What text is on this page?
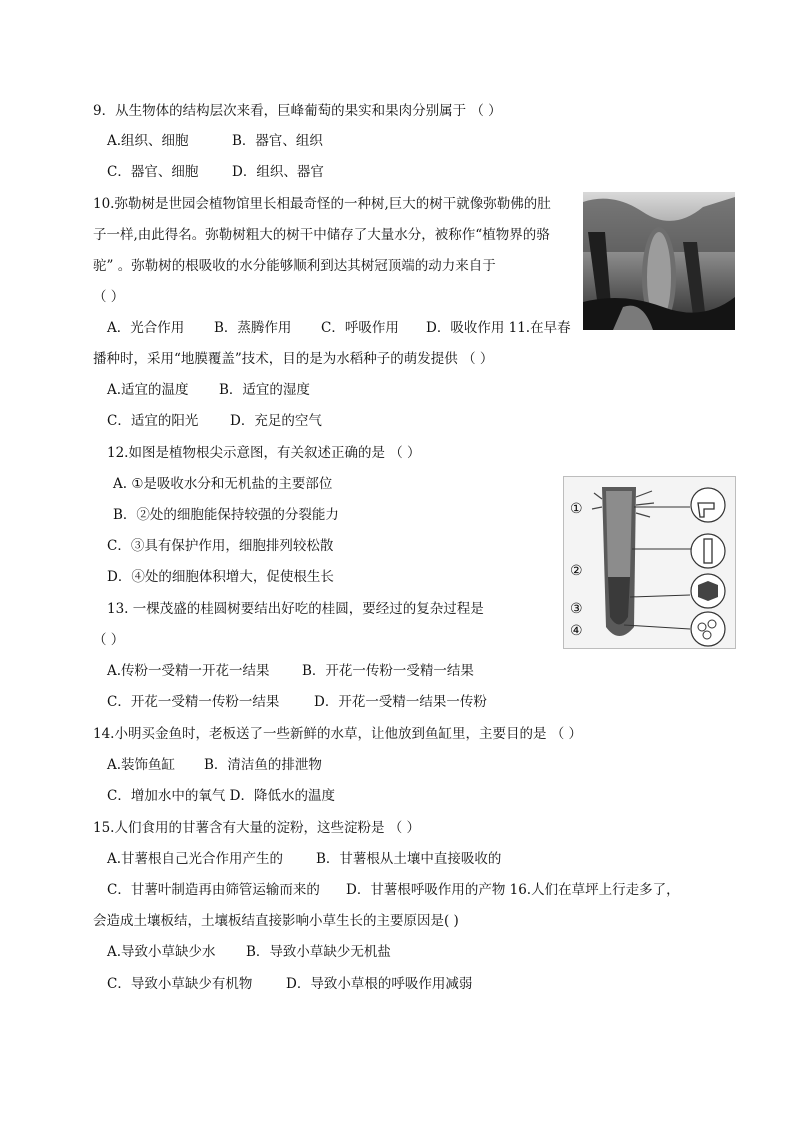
9．从生物体的结构层次来看，巨峰葡萄的果实和果肉分别属于 （ ）
A.组织、细胞	B．器官、组织
C．器官、细胞 D．组织、器官
10.弥勒树是世园会植物馆里长相最奇怪的一种树,巨大的树干就像弥勒佛的肚
子一样,由此得名。弥勒树粗大的树干中储存了大量水分，被称作“植物界的骆
驼” 。弥勒树的根吸收的水分能够顺利到达其树冠顶端的动力来自于
（ ）
A．光合作用 B．蒸腾作用 C．呼吸作用 D．吸收作用 11.在早春
播种时，采用“地膜覆盖”技术，目的是为水稻种子的萌发提供 （ ）
A.适宜的温度 B．适宜的湿度
C．适宜的阳光 D．充足的空气
12.如图是植物根尖示意图，有关叙述正确的是 （ ）
A. ①是吸收水分和无机盐的主要部位
B．②处的细胞能保持较强的分裂能力
C．③具有保护作用，细胞排列较松散
D．④处的细胞体积增大，促使根生长
①
②
③
④
13. 一棵茂盛的桂圆树要结出好吃的桂圆，要经过的复杂过程是
（ ）
A.传粉一受精一开花一结果 B．开花一传粉一受精一结果
C．开花一受精一传粉一结果	D．开花一受精一结果一传粉
14.小明买金鱼时，老板送了一些新鲜的水草，让他放到鱼缸里，主要目的是 （ ）
A.装饰鱼缸 B．清洁鱼的排泄物
C．增加水中的氧气 D．降低水的温度
15.人们食用的甘薯含有大量的淀粉，这些淀粉是 （ ）
A.甘薯根自己光合作用产生的 B．甘薯根从土壤中直接吸收的
C．甘薯叶制造再由筛管运输而来的 D．甘薯根呼吸作用的产物 16.人们在草坪上行走多了，
会造成土壤板结，土壤板结直接影响小草生长的主要原因是( )
A.导致小草缺少水 B．导致小草缺少无机盐
C．导致小草缺少有机物 D．导致小草根的呼吸作用减弱
